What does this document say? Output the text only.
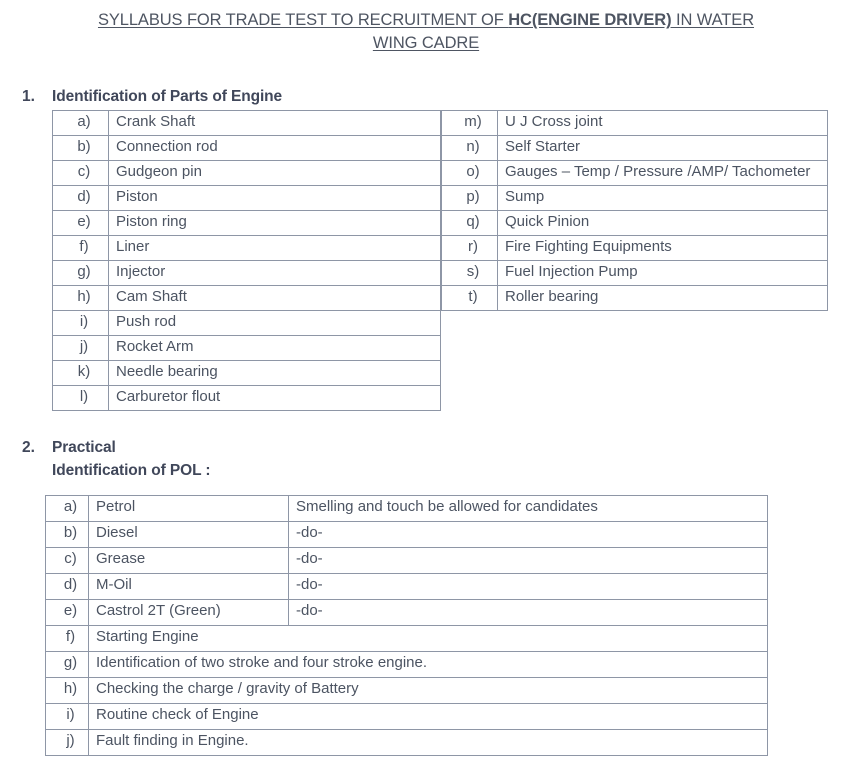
SYLLABUS FOR TRADE TEST TO RECRUITMENT OF HC(ENGINE DRIVER) IN WATER
WING CADRE
1.	Identification of Parts of Engine
a)	Crank Shaft
b)	Connection rod
c)	Gudgeon pin
d)	Piston
e)	Piston ring
f)	Liner
g)	Injector
h)	Cam Shaft
i)	Push rod
j)	Rocket Arm
k)	Needle bearing
l)	Carburetor flout
m)	U J Cross joint
n)	Self Starter
o)	Gauges – Temp / Pressure /AMP/ Tachometer
p)	Sump
q)	Quick Pinion
r)	Fire Fighting Equipments
s)	Fuel Injection Pump
t)	Roller bearing
2.	Practical
Identification of POL :
a)	Petrol	Smelling and touch be allowed for candidates
b)	Diesel	-do-
c)	Grease	-do-
d)	M-Oil	-do-
e)	Castrol 2T (Green)	-do-
f)	Starting Engine	
g)	Identification of two stroke and four stroke engine.	
h)	Checking the charge / gravity of Battery	
i)	Routine check of Engine	
j)	Fault finding in Engine.	
